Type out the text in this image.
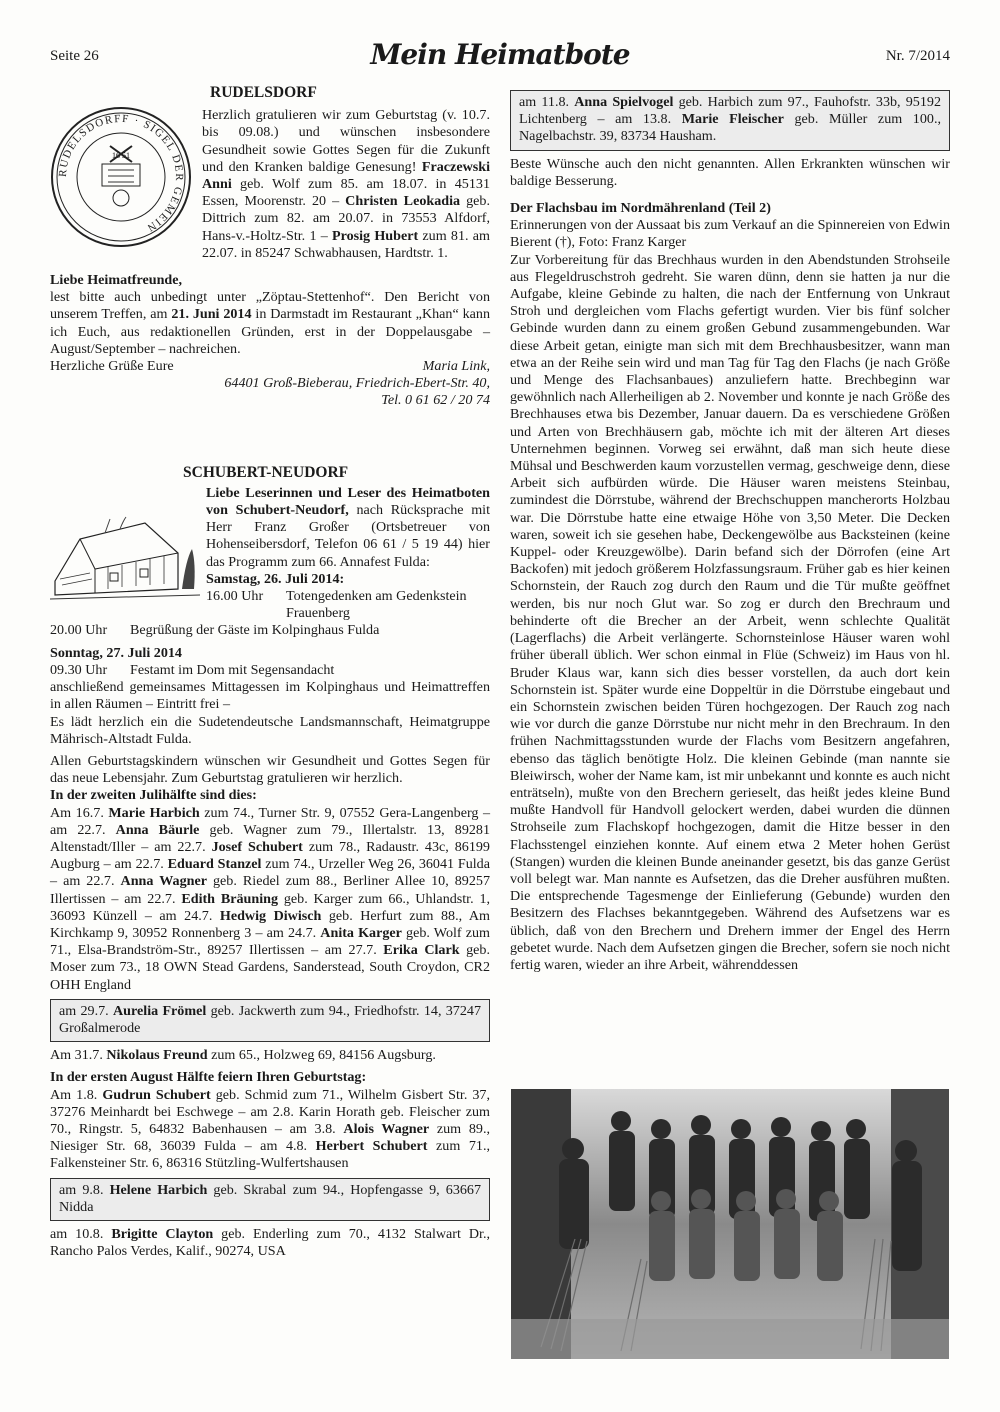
Seite 26	Mein Heimatbote	Nr. 7/2014
RUDELSDORFF · SIGEL DER GEMEIN
16 51

RUDELSDORF

Herzlich gratulieren wir zum Geburtstag (v. 10.7. bis 09.08.) und wünschen insbesondere Gesundheit sowie Gottes Segen für die Zukunft und den Kranken baldige Genesung! Fraczewski Anni geb. Wolf zum 85. am 18.07. in 45131 Essen, Moorenstr. 20 – Christen Leokadia geb. Dittrich zum 82. am 20.07. in 73553 Alfdorf, Hans-v.-Holtz-Str. 1 – Prosig Hubert zum 81. am 22.07. in 85247 Schwabhausen, Hardtstr. 1.

Liebe Heimatfreunde,

lest bitte auch unbedingt unter „Zöptau-Stettenhof“. Den Bericht von unserem Treffen, am 21. Juni 2014 in Darmstadt im Restaurant „Khan“ kann ich Euch, aus redaktionellen Gründen, erst in der Doppelausgabe – August/September – nachreichen.

Herzliche Grüße Eure	Maria Link,

64401 Groß-Bieberau, Friedrich-Ebert-Str. 40,

Tel. 0 61 62 / 20 74

SCHUBERT-NEUDORF

Liebe Leserinnen und Leser des Heimatboten von Schubert-Neudorf, nach Rücksprache mit Herr Franz Großer (Ortsbetreuer von Hohenseibersdorf, Telefon 06 61 / 5 19 44) hier das Programm zum 66. Annafest Fulda:

Samstag, 26. Juli 2014:

16.00 Uhr	Totengedenken am Gedenkstein Frauenberg
20.00 Uhr	Begrüßung der Gäste im Kolpinghaus Fulda

Sonntag, 27. Juli 2014

09.30 Uhr	Festamt im Dom mit Segensandacht

anschließend gemeinsames Mittagessen im Kolpinghaus und Heimattreffen in allen Räumen – Eintritt frei –

Es lädt herzlich ein die Sudetendeutsche Landsmannschaft, Heimatgruppe Mährisch-Altstadt Fulda.

Allen Geburtstagskindern wünschen wir Gesundheit und Gottes Segen für das neue Lebensjahr. Zum Geburtstag gratulieren wir herzlich.

In der zweiten Julihälfte sind dies:

Am 16.7. Marie Harbich zum 74., Turner Str. 9, 07552 Gera-Langenberg – am 22.7. Anna Bäurle geb. Wagner zum 79., Illertalstr. 13, 89281 Altenstadt/Iller – am 22.7. Josef Schubert zum 78., Radaustr. 43c, 86199 Augburg – am 22.7. Eduard Stanzel zum 74., Urzeller Weg 26, 36041 Fulda – am 22.7. Anna Wagner geb. Riedel zum 88., Berliner Allee 10, 89257 Illertissen – am 22.7. Edith Bräuning geb. Karger zum 66., Uhlandstr. 1, 36093 Künzell – am 24.7. Hedwig Diwisch geb. Herfurt zum 88., Am Kirchkamp 9, 30952 Ronnenberg 3 – am 24.7. Anita Karger geb. Wolf zum 71., Elsa-Brandström-Str., 89257 Illertissen – am 27.7. Erika Clark geb. Moser zum 73., 18 OWN Stead Gardens, Sanderstead, South Croydon, CR2 OHH England

am 29.7. Aurelia Frömel geb. Jackwerth zum 94., Friedhofstr. 14, 37247 Großalmerode

Am 31.7. Nikolaus Freund zum 65., Holzweg 69, 84156 Augsburg.

In der ersten August Hälfte feiern Ihren Geburtstag:

Am 1.8. Gudrun Schubert geb. Schmid zum 71., Wilhelm Gisbert Str. 37, 37276 Meinhardt bei Eschwege – am 2.8. Karin Horath geb. Fleischer zum 70., Ringstr. 5, 64832 Babenhausen – am 3.8. Alois Wagner zum 89., Niesiger Str. 68, 36039 Fulda – am 4.8. Herbert Schubert zum 71., Falkensteiner Str. 6, 86316 Stützling-Wulfertshausen

am 9.8. Helene Harbich geb. Skrabal zum 94., Hopfengasse 9, 63667 Nidda

am 10.8. Brigitte Clayton geb. Enderling zum 70., 4132 Stalwart Dr., Rancho Palos Verdes, Kalif., 90274, USA

am 11.8. Anna Spielvogel geb. Harbich zum 97., Fauhofstr. 33b, 95192 Lichtenberg – am 13.8. Marie Fleischer geb. Müller zum 100., Nagelbachstr. 39, 83734 Hausham.

Beste Wünsche auch den nicht genannten. Allen Erkrankten wünschen wir baldige Besserung.

Der Flachsbau im Nordmährenland (Teil 2)

Erinnerungen von der Aussaat bis zum Verkauf an die Spinnereien von Edwin Bierent (†), Foto: Franz Karger

Zur Vorbereitung für das Brechhaus wurden in den Abendstunden Strohseile aus Flegeldruschstroh gedreht. Sie waren dünn, denn sie hatten ja nur die Aufgabe, kleine Gebinde zu halten, die nach der Entfernung von Unkraut Stroh und dergleichen vom Flachs gefertigt wurden. Vier bis fünf solcher Gebinde wurden dann zu einem großen Gebund zusammengebunden. War diese Arbeit getan, einigte man sich mit dem Brechhausbesitzer, wann man etwa an der Reihe sein wird und man Tag für Tag den Flachs (je nach Größe und Menge des Flachsanbaues) anzuliefern hatte. Brechbeginn war gewöhnlich nach Allerheiligen ab 2. November und konnte je nach Größe des Brechhauses etwa bis Dezember, Januar dauern. Da es verschiedene Größen und Arten von Brechhäusern gab, möchte ich mit der älteren Art dieses Unternehmen beginnen. Vorweg sei erwähnt, daß man sich heute diese Mühsal und Beschwerden kaum vorzustellen vermag, geschweige denn, diese Arbeit sich aufbürden würde. Die Häuser waren meistens Steinbau, zumindest die Dörrstube, während der Brechschuppen mancherorts Holzbau war. Die Dörrstube hatte eine etwaige Höhe von 3,50 Meter. Die Decken waren, soweit ich sie gesehen habe, Deckengewölbe aus Backsteinen (keine Kuppel- oder Kreuzgewölbe). Darin befand sich der Dörrofen (eine Art Backofen) mit jedoch größerem Holzfassungsraum. Früher gab es hier keinen Schornstein, der Rauch zog durch den Raum und die Tür mußte geöffnet werden, bis nur noch Glut war. So zog er durch den Brechraum und behinderte oft die Brecher an der Arbeit, wenn schlechte Qualität (Lagerflachs) die Arbeit verlängerte. Schornsteinlose Häuser waren wohl früher überall üblich. Wer schon einmal in Flüe (Schweiz) im Haus von hl. Bruder Klaus war, kann sich dies besser vorstellen, da auch dort kein Schornstein ist. Später wurde eine Doppeltür in die Dörrstube eingebaut und ein Schornstein zwischen beiden Türen hochgezogen. Der Rauch zog nach wie vor durch die ganze Dörrstube nur nicht mehr in den Brechraum. In den frühen Nachmittagsstunden wurde der Flachs vom Besitzern angefahren, ebenso das täglich benötigte Holz. Die kleinen Gebinde (man nannte sie Bleiwirsch, woher der Name kam, ist mir unbekannt und konnte es auch nicht enträtseln), mußte von den Brechern gerieselt, das heißt jedes kleine Bund mußte Handvoll für Handvoll gelockert werden, dabei wurden die dünnen Strohseile zum Flachskopf hochgezogen, damit die Hitze besser in den Flachsstengel einziehen konnte. Auf einem etwa 2 Meter hohen Gerüst (Stangen) wurden die kleinen Bunde aneinander gesetzt, bis das ganze Gerüst voll belegt war. Man nannte es Aufsetzen, das die Dreher ausführen mußten. Die entsprechende Tagesmenge der Einlieferung (Gebunde) wurden den Besitzern des Flachses bekanntgegeben. Während des Aufsetzens war es üblich, daß von den Brechern und Drehern immer der Engel des Herrn gebetet wurde. Nach dem Aufsetzen gingen die Brecher, sofern sie noch nicht fertig waren, wieder an ihre Arbeit, währenddessen
